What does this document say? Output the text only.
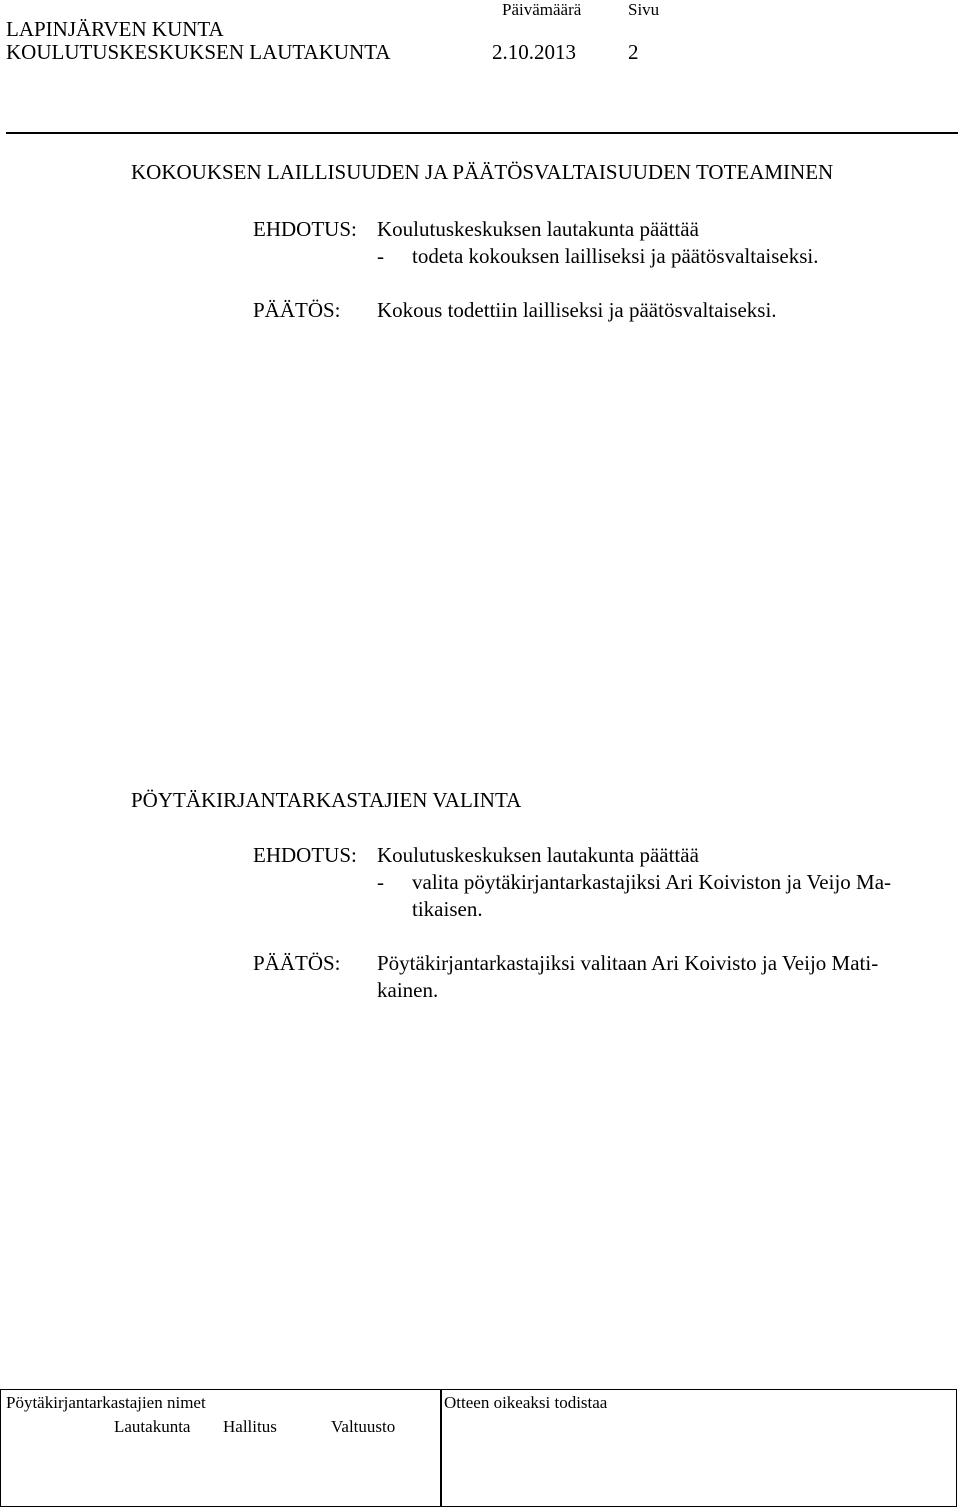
LAPINJÄRVEN KUNTA
KOULUTUSKESKUKSEN LAUTAKUNTA
Päivämäärä	Sivu
2.10.2013 2
KOKOUKSEN LAILLISUUDEN JA PÄÄTÖSVALTAISUUDEN TOTEAMINEN
EHDOTUS: Koulutuskeskuksen lautakunta päättää
- todeta kokouksen lailliseksi ja päätösvaltaiseksi.
PÄÄTÖS: Kokous todettiin lailliseksi ja päätösvaltaiseksi.
PÖYTÄKIRJANTARKASTAJIEN VALINTA
EHDOTUS: Koulutuskeskuksen lautakunta päättää
- valita pöytäkirjantarkastajiksi Ari Koiviston ja Veijo Ma-
tikaisen.
PÄÄTÖS: Pöytäkirjantarkastajiksi valitaan Ari Koivisto ja Veijo Mati-
kainen.
Pöytäkirjantarkastajien nimet	Otteen oikeaksi todistaa
Lautakunta Hallitus	Valtuusto
